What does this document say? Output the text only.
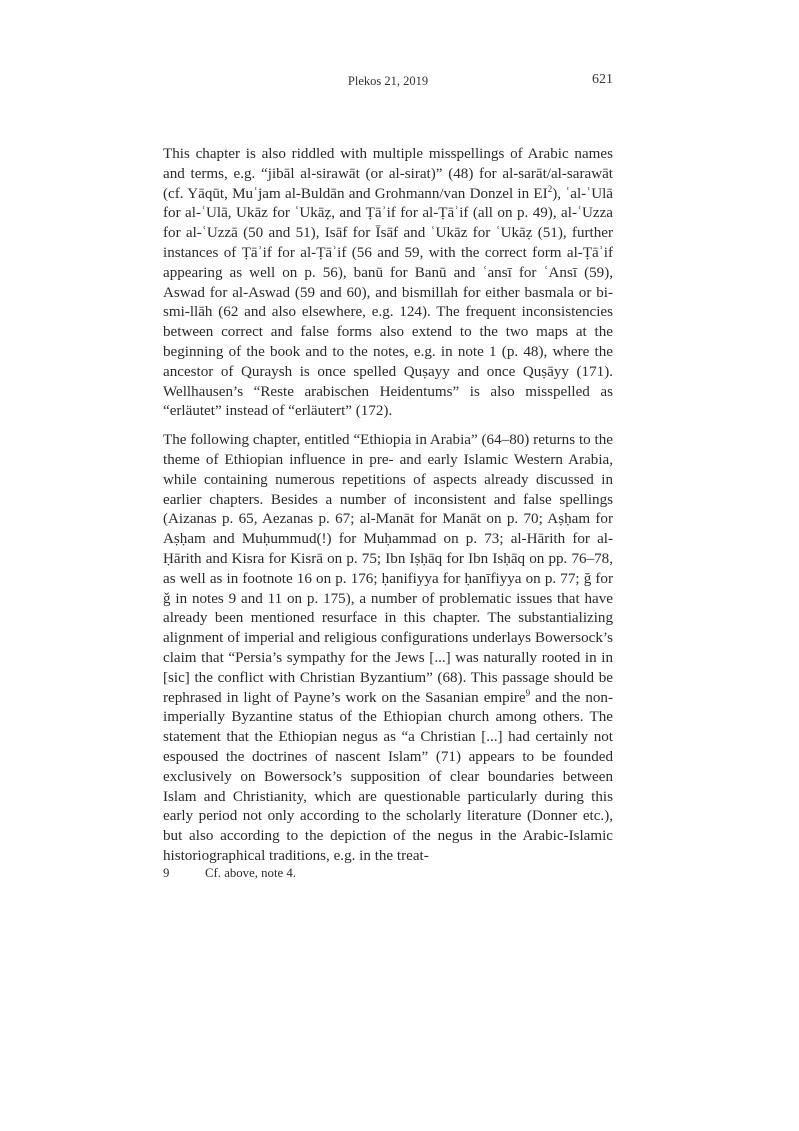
Plekos 21, 2019	621

This chapter is also riddled with multiple misspellings of Arabic names and terms, e.g. “jibāl al-sirawāt (or al-sirat)” (48) for al-sarāt/al-sarawāt (cf. Yāqūt, Muʿjam al-Buldān and Grohmann/van Donzel in $EI^2$), ʿal-ʿUlā for al-ʿUlā, Ukāz for ʿUkāẓ, and Ṭāʾif for al-Ṭāʾif (all on p. 49), al-ʿUzza for al-ʿUzzā (50 and 51), Isāf for Īsāf and ʿUkāz for ʿUkāẓ (51), further instances of Ṭāʾif for al-Ṭāʾif (56 and 59, with the correct form al-Ṭāʾif appearing as well on p. 56), banū for Banū and ʿansī for ʿAnsī (59), Aswad for al-Aswad (59 and 60), and bismillah for either basmala or bi-smi-llāh (62 and also elsewhere, e.g. 124). The frequent inconsistencies between correct and false forms also extend to the two maps at the beginning of the book and to the notes, e.g. in note 1 (p. 48), where the ancestor of Quraysh is once spelled Quṣayy and once Quṣāyy (171). Wellhausen’s “Reste arabischen Heidentums” is also misspelled as “erläutet” instead of “erläutert” (172).

The following chapter, entitled “Ethiopia in Arabia” (64–80) returns to the theme of Ethiopian influence in pre- and early Islamic Western Arabia, while containing numerous repetitions of aspects already discussed in earlier chapters. Besides a number of inconsistent and false spellings (Aizanas p. 65, Aezanas p. 67; al-Manāt for Manāt on p. 70; Aṣḥam for Aṣḥam and Muḥummud(!) for Muḥammad on p. 73; al-Hārith for al-Ḥārith and Kisra for Kisrā on p. 75; Ibn Iṣḥāq for Ibn Isḥāq on pp. 76–78, as well as in footnote 16 on p. 176; ḥanifiyya for ḥanīfiyya on p. 77; ğ for ǧ in notes 9 and 11 on p. 175), a number of problematic issues that have already been mentioned resurface in this chapter. The substantializing alignment of imperial and religious configurations underlays Bowersock’s claim that “Persia’s sympathy for the Jews [...] was naturally rooted in in [sic] the conflict with Christian Byzantium” (68). This passage should be rephrased in light of Payne’s work on the Sasanian empire$^9$ and the non-imperially Byzantine status of the Ethiopian church among others. The statement that the Ethiopian negus as “a Christian [...] had certainly not espoused the doctrines of nascent Islam” (71) appears to be founded exclusively on Bowersock’s supposition of clear boundaries between Islam and Christianity, which are questionable particularly during this early period not only according to the scholarly literature (Donner etc.), but also according to the depiction of the negus in the Arabic-Islamic historiographical traditions, e.g. in the treat-

9	Cf. above, note 4.
